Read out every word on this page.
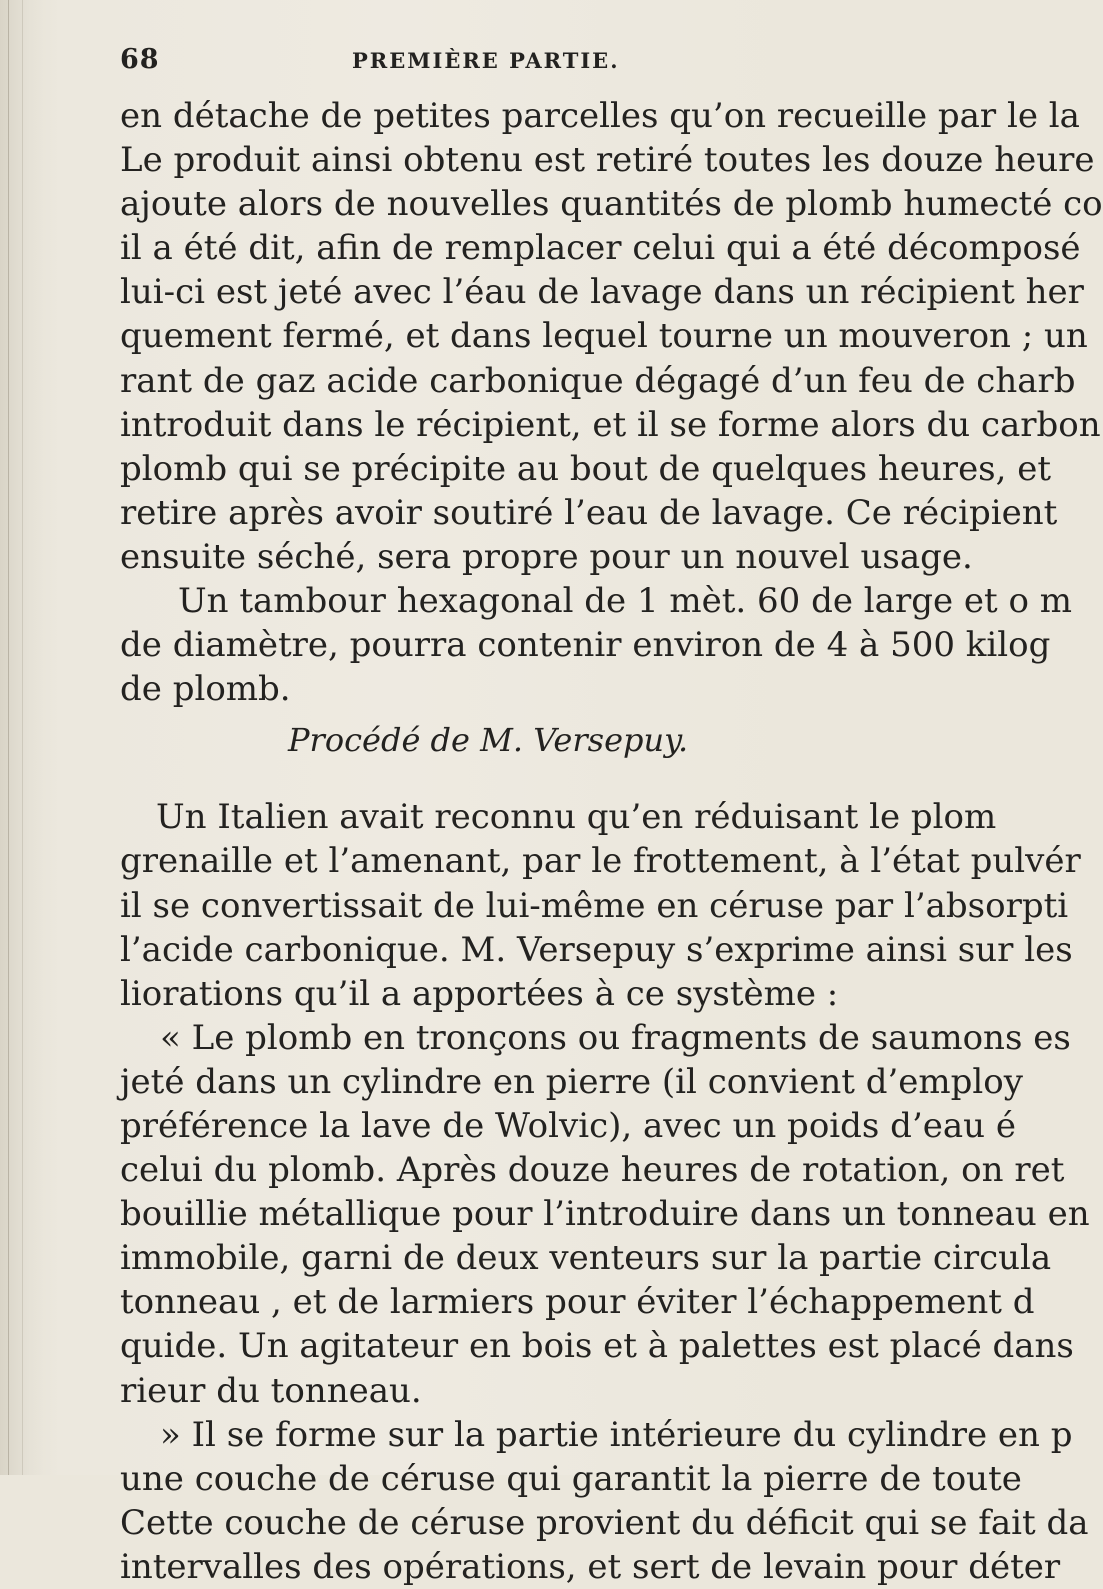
68	PREMIÈRE PARTIE.
en détache de petites parcelles qu’on recueille par le la
Le produit ainsi obtenu est retiré toutes les douze heure
ajoute alors de nouvelles quantités de plomb humecté co
il a été dit, afin de remplacer celui qui a été décomposé
lui-ci est jeté avec l’éau de lavage dans un récipient her
quement fermé, et dans lequel tourne un mouveron ; un
rant de gaz acide carbonique dégagé d’un feu de charb
introduit dans le récipient, et il se forme alors du carbon
plomb qui se précipite au bout de quelques heures, et
retire après avoir soutiré l’eau de lavage. Ce récipient
ensuite séché, sera propre pour un nouvel usage.
Un tambour hexagonal de 1 mèt. 60 de large et o m
de diamètre, pourra contenir environ de 4 à 500 kilog
de plomb.
Procédé de M. Versepuy.
Un Italien avait reconnu qu’en réduisant le plom
grenaille et l’amenant, par le frottement, à l’état pulvér
il se convertissait de lui-même en céruse par l’absorpti
l’acide carbonique. M. Versepuy s’exprime ainsi sur les
liorations qu’il a apportées à ce système :
« Le plomb en tronçons ou fragments de saumons es
jeté dans un cylindre en pierre (il convient d’employ
préférence la lave de Wolvic), avec un poids d’eau é
celui du plomb. Après douze heures de rotation, on ret
bouillie métallique pour l’introduire dans un tonneau en
immobile, garni de deux venteurs sur la partie circula
tonneau , et de larmiers pour éviter l’échappement d
quide. Un agitateur en bois et à palettes est placé dans
rieur du tonneau.
» Il se forme sur la partie intérieure du cylindre en p
une couche de céruse qui garantit la pierre de toute
Cette couche de céruse provient du déficit qui se fait da
intervalles des opérations, et sert de levain pour déter
